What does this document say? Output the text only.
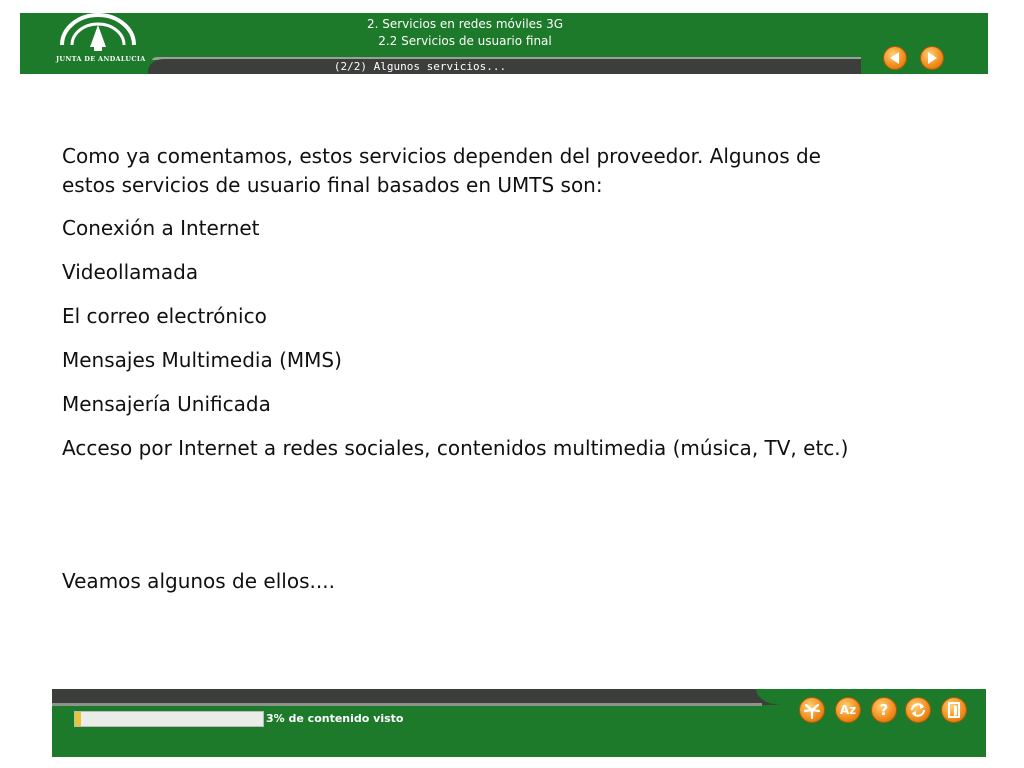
JUNTA DE ANDALUCIA
2. Servicios en redes móviles 3G
2.2 Servicios de usuario final
(2/2) Algunos servicios...

Como ya comentamos, estos servicios dependen del proveedor. Algunos de estos servicios de usuario final basados en UMTS son:

Conexión a Internet

Videollamada

El correo electrónico

Mensajes Multimedia (MMS)

Mensajería Unificada

Acceso por Internet a redes sociales, contenidos multimedia (música, TV, etc.)

Veamos algunos de ellos....

3% de contenido visto
Az	?
